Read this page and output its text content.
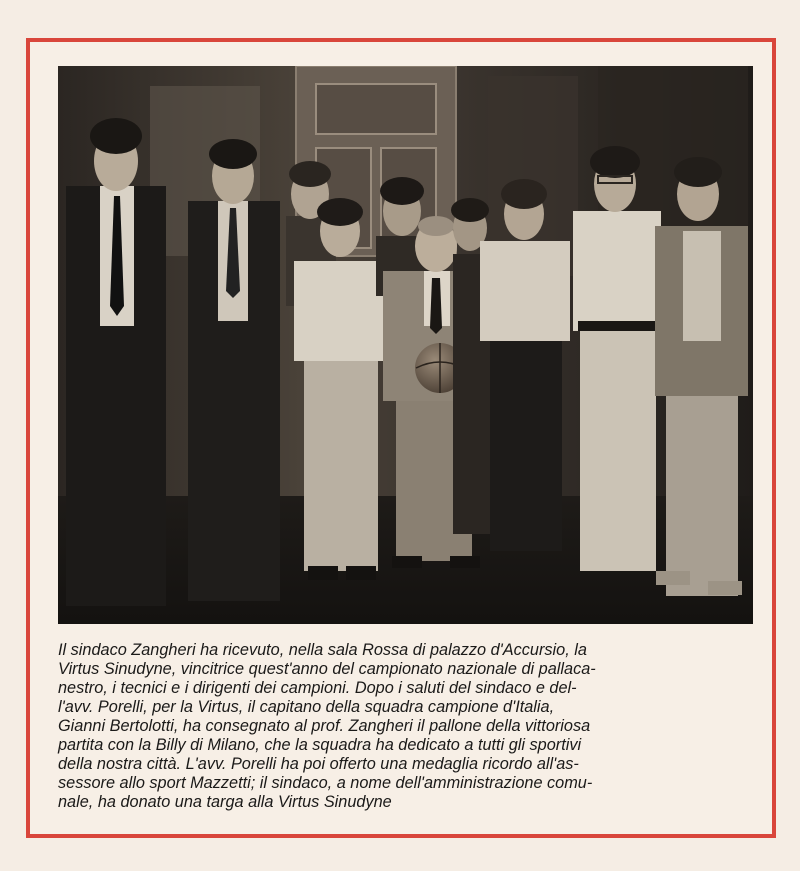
Il sindaco Zangheri ha ricevuto, nella sala Rossa di palazzo d'Accursio, la
Virtus Sinudyne, vincitrice quest'anno del campionato nazionale di pallaca-
nestro, i tecnici e i dirigenti dei campioni. Dopo i saluti del sindaco e del-
l'avv. Porelli, per la Virtus, il capitano della squadra campione d'Italia,
Gianni Bertolotti, ha consegnato al prof. Zangheri il pallone della vittoriosa
partita con la Billy di Milano, che la squadra ha dedicato a tutti gli sportivi
della nostra città. L'avv. Porelli ha poi offerto una medaglia ricordo all'as-
sessore allo sport Mazzetti; il sindaco, a nome dell'amministrazione comu-
nale, ha donato una targa alla Virtus Sinudyne
